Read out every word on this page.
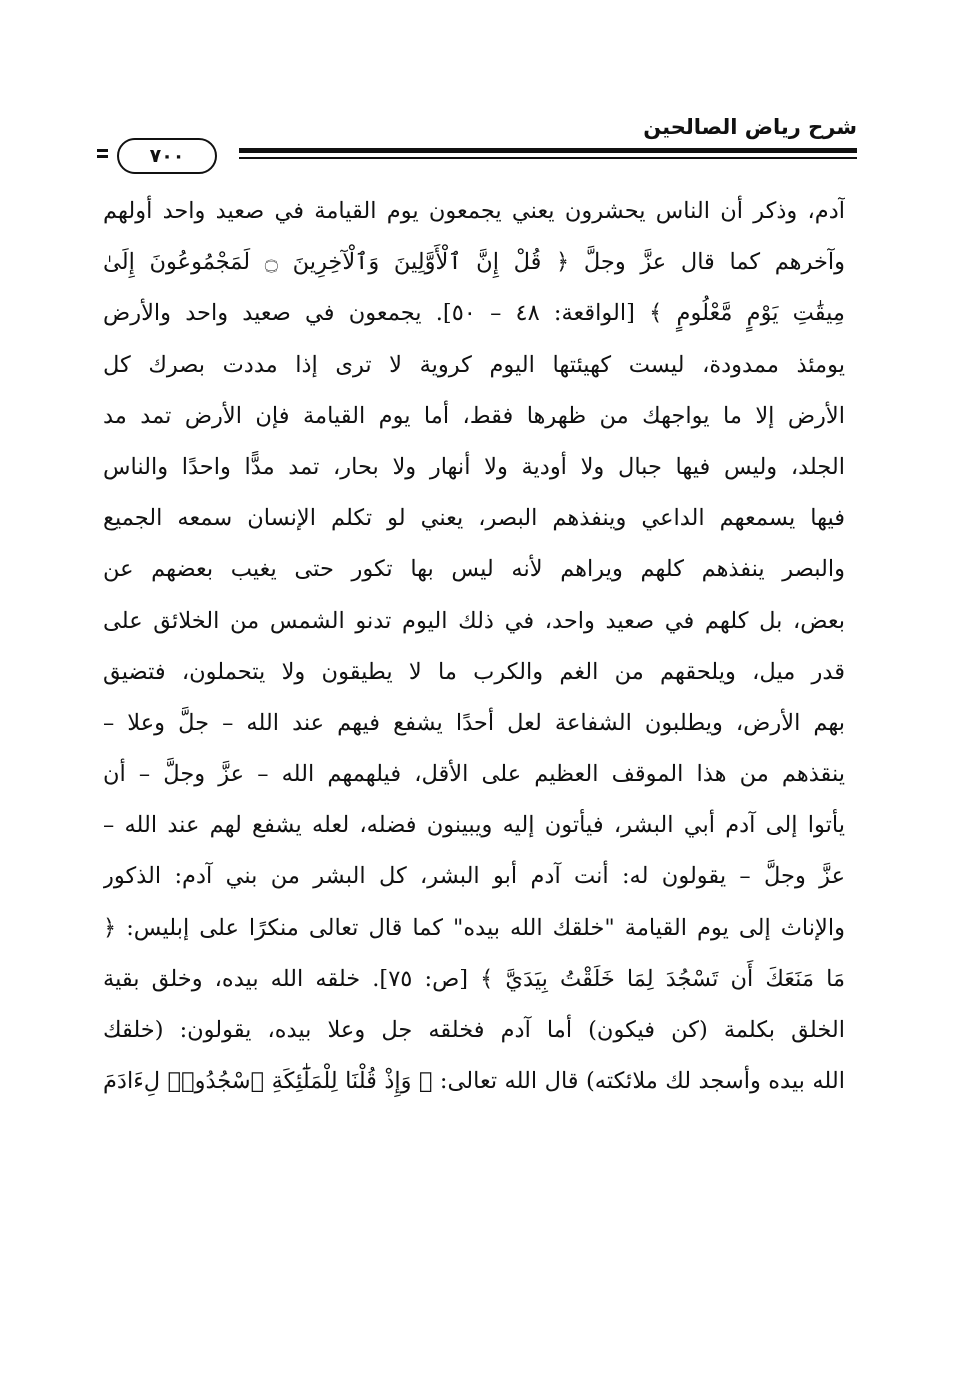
شرح رياض الصالحين
٧٠٠
آدم، وذكر أن الناس يحشرون يعني يجمعون يوم القيامة في صعيد واحد أولهم
وآخرهم كما قال عزَّ وجلَّ ﴿ قُلْ إِنَّ ٱلْأَوَّلِينَ وَٱلْآخِرِينَ ۝ لَمَجْمُوعُونَ إِلَىٰ
مِيقَٰتِ يَوْمٍ مَّعْلُومٍ ﴾ [الواقعة: ٤٨ – ٥٠]. يجمعون في صعيد واحد والأرض
يومئذ ممدودة، ليست كهيئتها اليوم كروية لا ترى إذا مددت بصرك كل
الأرض إلا ما يواجهك من ظهرها فقط، أما يوم القيامة فإن الأرض تمد مد
الجلد، وليس فيها جبال ولا أودية ولا أنهار ولا بحار، تمد مدًّا واحدًا والناس
فيها يسمعهم الداعي وينفذهم البصر، يعني لو تكلم الإنسان سمعه الجميع
والبصر ينفذهم كلهم ويراهم لأنه ليس بها تكور حتى يغيب بعضهم عن
بعض، بل كلهم في صعيد واحد، في ذلك اليوم تدنو الشمس من الخلائق على
قدر ميل، ويلحقهم من الغم والكرب ما لا يطيقون ولا يتحملون، فتضيق
بهم الأرض، ويطلبون الشفاعة لعل أحدًا يشفع فيهم عند الله – جلَّ وعلا –
ينقذهم من هذا الموقف العظيم على الأقل، فيلهمهم الله – عزَّ وجلَّ – أن
يأتوا إلى آدم أبي البشر، فيأتون إليه ويبينون فضله، لعله يشفع لهم عند الله –
عزَّ وجلَّ – يقولون له: أنت آدم أبو البشر، كل البشر من بني آدم: الذكور
والإناث إلى يوم القيامة "خلقك الله بيده" كما قال تعالى منكرًا على إبليس: ﴿
مَا مَنَعَكَ أَن تَسْجُدَ لِمَا خَلَقْتُ بِيَدَيَّ ﴾ [ص: ٧٥]. خلقه الله بيده، وخلق بقية
الخلق بكلمة (كن فيكون) أما آدم فخلقه جل وعلا بيده، يقولون: (خلقك
الله بيده وأسجد لك ملائكته) قال الله تعالى: ﴿ وَإِذْ قُلْنَا لِلْمَلَٰٓئِكَةِ ٱسْجُدُوا۟ لِءَادَمَ
